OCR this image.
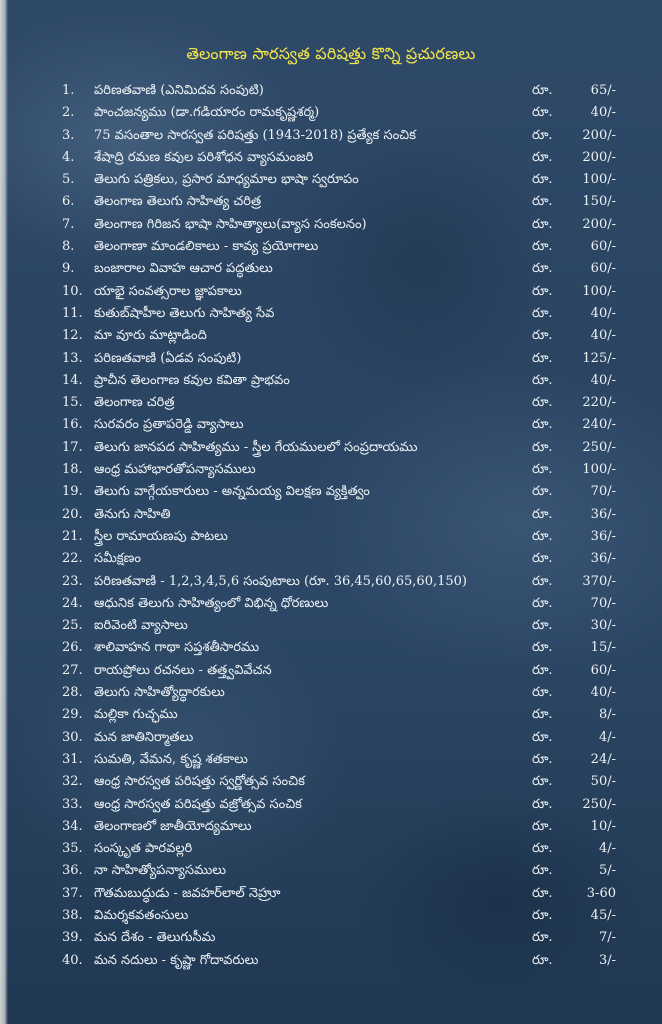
తెలంగాణ సారస్వత పరిషత్తు కొన్ని ప్రచురణలు
1.	పరిణతవాణి (ఎనిమిదవ సంపుటి)	రూ.	65/-
2.	పాంచజన్యము (డా.గడియారం రామకృష్ణశర్మ)	రూ.	40/-
3.	75 వసంతాల సారస్వత పరిషత్తు (1943-2018) ప్రత్యేక సంచిక	రూ.	200/-
4.	శేషాద్రి రమణ కవుల పరిశోధన వ్యాసమంజరి	రూ.	200/-
5.	తెలుగు పత్రికలు, ప్రసార మాధ్యమాల భాషా స్వరూపం	రూ.	100/-
6.	తెలంగాణ తెలుగు సాహిత్య చరిత్ర	రూ.	150/-
7.	తెలంగాణ గిరిజన భాషా సాహిత్యాలు(వ్యాస సంకలనం)	రూ.	200/-
8.	తెలంగాణా మాండలికాలు - కావ్య ప్రయోగాలు	రూ.	60/-
9.	బంజారాల వివాహ ఆచార పద్ధతులు	రూ.	60/-
10. యాభై సంవత్సరాల జ్ఞాపకాలు	రూ.	100/-
11. కుతుబ్‌షాహీల తెలుగు సాహిత్య సేవ	రూ.	40/-
12. మా వూరు మాట్లాడింది	రూ.	40/-
13. పరిణతవాణి (ఏడవ సంపుటి)	రూ.	125/-
14. ప్రాచీన తెలంగాణ కవుల కవితా ప్రాభవం	రూ.	40/-
15. తెలంగాణ చరిత్ర	రూ.	220/-
16. సురవరం ప్రతాపరెడ్డి వ్యాసాలు	రూ.	240/-
17. తెలుగు జానపద సాహిత్యము - స్త్రీల గేయములలో సంప్రదాయము	రూ.	250/-
18. ఆంధ్ర మహాభారతోపన్యాసములు	రూ.	100/-
19. తెలుగు వాగ్గేయకారులు - అన్నమయ్య విలక్షణ వ్యక్తిత్వం	రూ.	70/-
20. తెనుగు సాహితి	రూ.	36/-
21. స్త్రీల రామాయణపు పాటలు	రూ.	36/-
22. సమీక్షణం	రూ.	36/-
23. పరిణతవాణి - 1,2,3,4,5,6 సంపుటాలు (రూ. 36,45,60,65,60,150)	రూ.	370/-
24. ఆధునిక తెలుగు సాహిత్యంలో విభిన్న ధోరణులు	రూ.	70/-
25. ఐరివెంటి వ్యాసాలు	రూ.	30/-
26. శాలివాహన గాథా సప్తశతీసారము	రూ.	15/-
27. రాయప్రోలు రచనలు - తత్త్వవివేచన	రూ.	60/-
28. తెలుగు సాహిత్యోద్ధారకులు	రూ.	40/-
29. మల్లికా గుచ్ఛము	రూ.	8/-
30. మన జాతినిర్మాతలు	రూ.	4/-
31. సుమతి, వేమన, కృష్ణ శతకాలు	రూ.	24/-
32. ఆంధ్ర సారస్వత పరిషత్తు స్వర్ణోత్సవ సంచిక	రూ.	50/-
33. ఆంధ్ర సారస్వత పరిషత్తు వజ్రోత్సవ సంచిక	రూ.	250/-
34. తెలంగాణలో జాతీయోద్యమాలు	రూ.	10/-
35. సంస్కృత పారవల్లరి	రూ.	4/-
36. నా సాహిత్యోపన్యాసములు	రూ.	5/-
37. గౌతమబుద్ధుడు - జవహర్‌లాల్ నెహ్రూ	రూ.	3-60
38. విమర్శకవతంసులు	రూ.	45/-
39. మన దేశం - తెలుగుసీమ	రూ.	7/-
40. మన నదులు - కృష్ణా గోదావరులు	రూ.	3/-
